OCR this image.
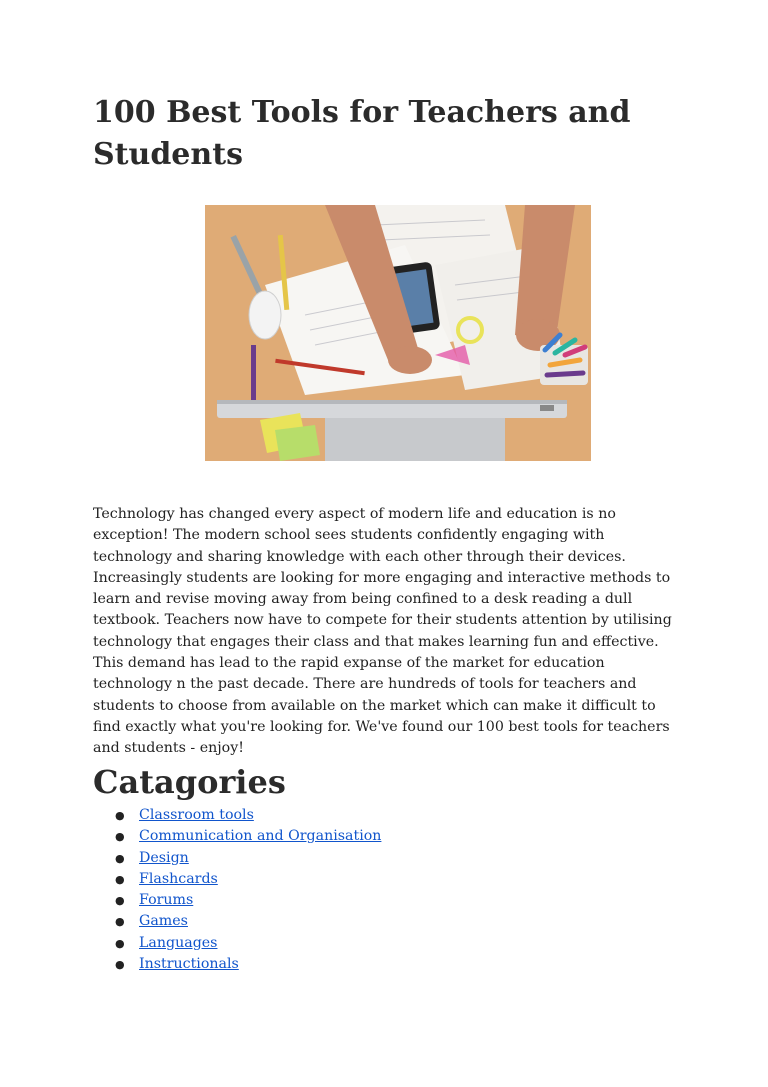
100 Best Tools for Teachers and Students

Technology has changed every aspect of modern life and education is no exception! The modern school sees students confidently engaging with technology and sharing knowledge with each other through their devices. Increasingly students are looking for more engaging and interactive methods to learn and revise moving away from being confined to a desk reading a dull textbook. Teachers now have to compete for their students attention by utilising technology that engages their class and that makes learning fun and effective. This demand has lead to the rapid expanse of the market for education technology n the past decade. There are hundreds of tools for teachers and students to choose from available on the market which can make it difficult to find exactly what you're looking for. We've found our 100 best tools for teachers and students - enjoy!

Catagories
● Classroom tools
● Communication and Organisation
● Design
● Flashcards
● Forums
● Games
● Languages
● Instructionals
